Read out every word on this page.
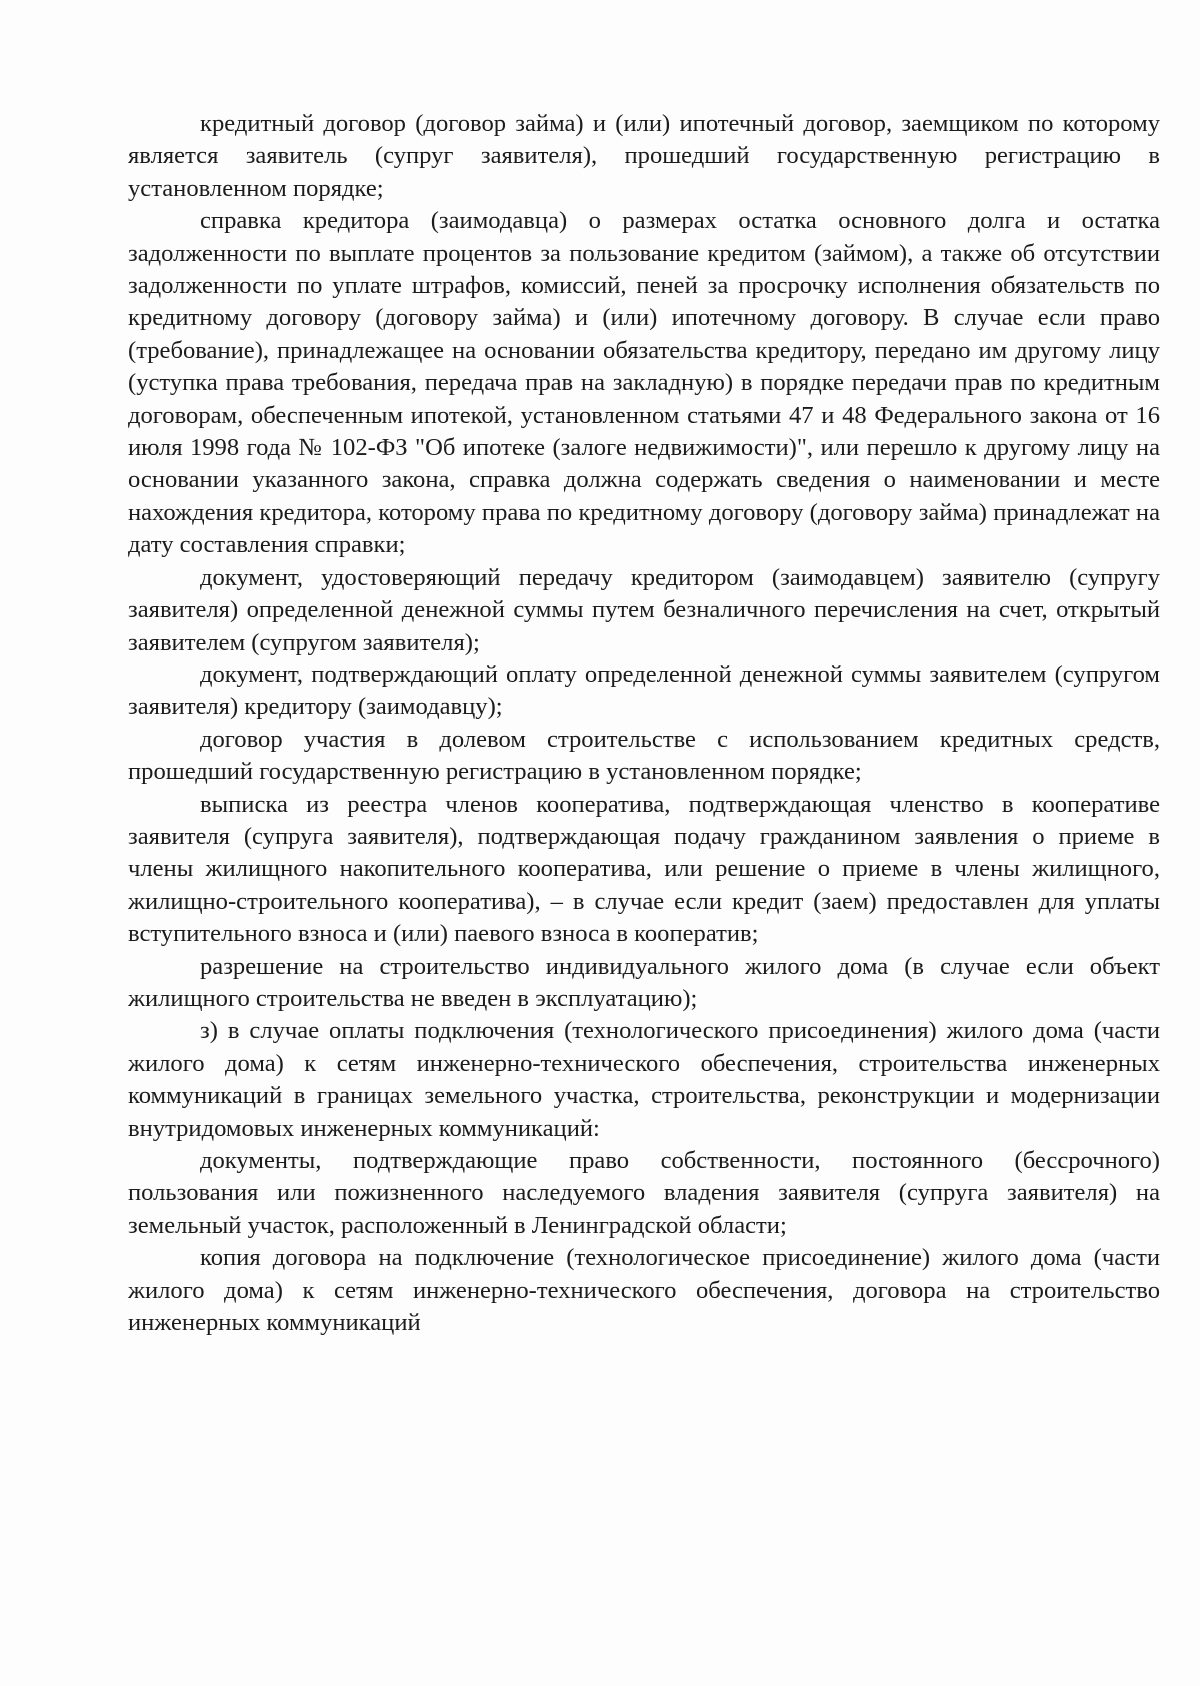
кредитный договор (договор займа) и (или) ипотечный договор, заемщиком по которому является заявитель (супруг заявителя), прошедший государственную регистрацию в установленном порядке;

справка кредитора (заимодавца) о размерах остатка основного долга и остатка задолженности по выплате процентов за пользование кредитом (займом), а также об отсутствии задолженности по уплате штрафов, комиссий, пеней за просрочку исполнения обязательств по кредитному договору (договору займа) и (или) ипотечному договору. В случае если право (требование), принадлежащее на основании обязательства кредитору, передано им другому лицу (уступка права требования, передача прав на закладную) в порядке передачи прав по кредитным договорам, обеспеченным ипотекой, установленном статьями 47 и 48 Федерального закона от 16 июля 1998 года № 102-ФЗ "Об ипотеке (залоге недвижимости)", или перешло к другому лицу на основании указанного закона, справка должна содержать сведения о наименовании и месте нахождения кредитора, которому права по кредитному договору (договору займа) принадлежат на дату составления справки;

документ, удостоверяющий передачу кредитором (заимодавцем) заявителю (супругу заявителя) определенной денежной суммы путем безналичного перечисления на счет, открытый заявителем (супругом заявителя);

документ, подтверждающий оплату определенной денежной суммы заявителем (супругом заявителя) кредитору (заимодавцу);

договор участия в долевом строительстве с использованием кредитных средств, прошедший государственную регистрацию в установленном порядке;

выписка из реестра членов кооператива, подтверждающая членство в кооперативе заявителя (супруга заявителя), подтверждающая подачу гражданином заявления о приеме в члены жилищного накопительного кооператива, или решение о приеме в члены жилищного, жилищно-строительного кооператива), – в случае если кредит (заем) предоставлен для уплаты вступительного взноса и (или) паевого взноса в кооператив;

разрешение на строительство индивидуального жилого дома (в случае если объект жилищного строительства не введен в эксплуатацию);

з) в случае оплаты подключения (технологического присоединения) жилого дома (части жилого дома) к сетям инженерно-технического обеспечения, строительства инженерных коммуникаций в границах земельного участка, строительства, реконструкции и модернизации внутридомовых инженерных коммуникаций:

документы, подтверждающие право собственности, постоянного (бессрочного) пользования или пожизненного наследуемого владения заявителя (супруга заявителя) на земельный участок, расположенный в Ленинградской области;

копия договора на подключение (технологическое присоединение) жилого дома (части жилого дома) к сетям инженерно-технического обеспечения, договора на строительство инженерных коммуникаций
